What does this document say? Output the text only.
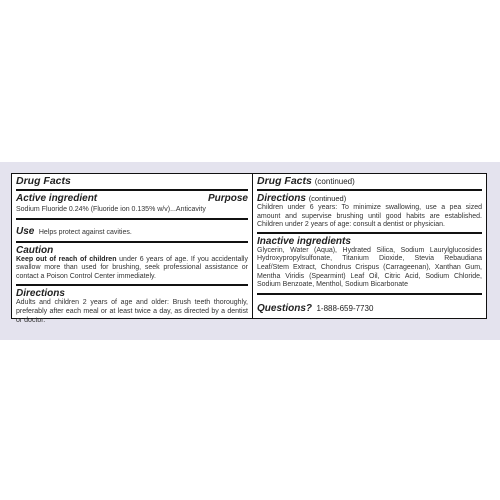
Drug Facts
Active ingredient	Purpose
Sodium Fluoride 0.24% (Fluoride ion 0.135% w/v)...Anticavity
Use Helps protect against cavities.
Caution
Keep out of reach of children under 6 years of age. If you accidentally swallow more than used for brushing, seek professional assistance or contact a Poison Control Center immediately.
Directions
Adults and children 2 years of age and older: Brush teeth thoroughly, preferably after each meal or at least twice a day, as directed by a dentist or doctor.
Drug Facts (continued)
Directions (continued)
Children under 6 years: To minimize swallowing, use a pea sized amount and supervise brushing until good habits are established. Children under 2 years of age: consult a dentist or physician.
Inactive ingredients
Glycerin, Water (Aqua), Hydrated Silica, Sodium Laurylglucosides Hydroxypropylsulfonate, Titanium Dioxide, Stevia Rebaudiana Leaf/Stem Extract, Chondrus Crispus (Carrageenan), Xanthan Gum, Mentha Viridis (Spearmint) Leaf Oil, Citric Acid, Sodium Chloride, Sodium Benzoate, Menthol, Sodium Bicarbonate
Questions? 1-888-659-7730
